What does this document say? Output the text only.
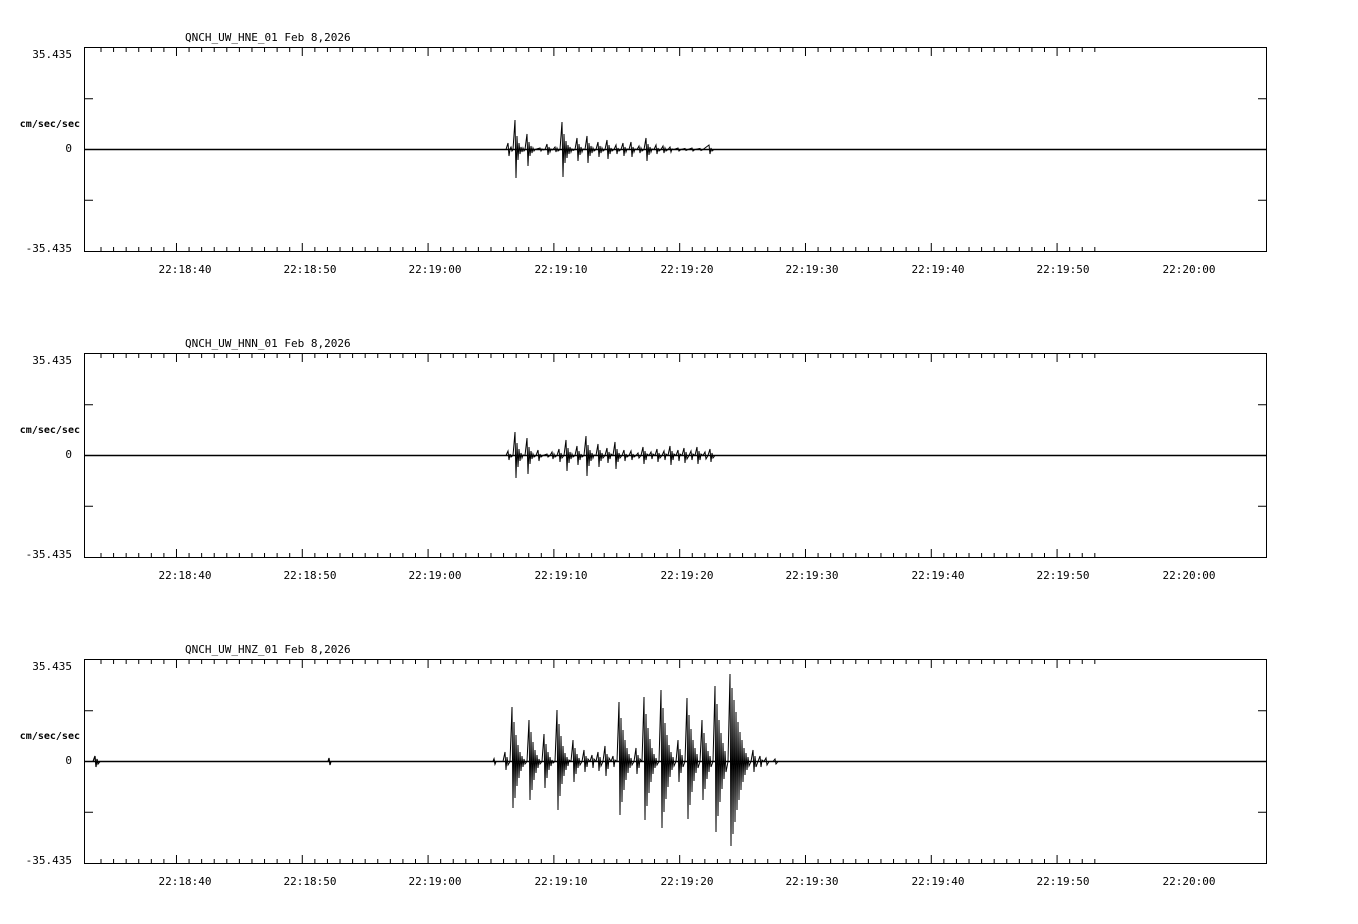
35.435
cm/sec/sec
0
-35.435
QNCH_UW_HNE_01 Feb 8,2026
22:18:40	22:18:50	22:19:00	22:19:10	22:19:20	22:19:30	22:19:40	22:19:50	22:20:00
35.435
cm/sec/sec
0
-35.435
QNCH_UW_HNN_01 Feb 8,2026
22:18:40	22:18:50	22:19:00	22:19:10	22:19:20	22:19:30	22:19:40	22:19:50	22:20:00
35.435
cm/sec/sec
0
-35.435
QNCH_UW_HNZ_01 Feb 8,2026
22:18:40	22:18:50	22:19:00	22:19:10	22:19:20	22:19:30	22:19:40	22:19:50	22:20:00
